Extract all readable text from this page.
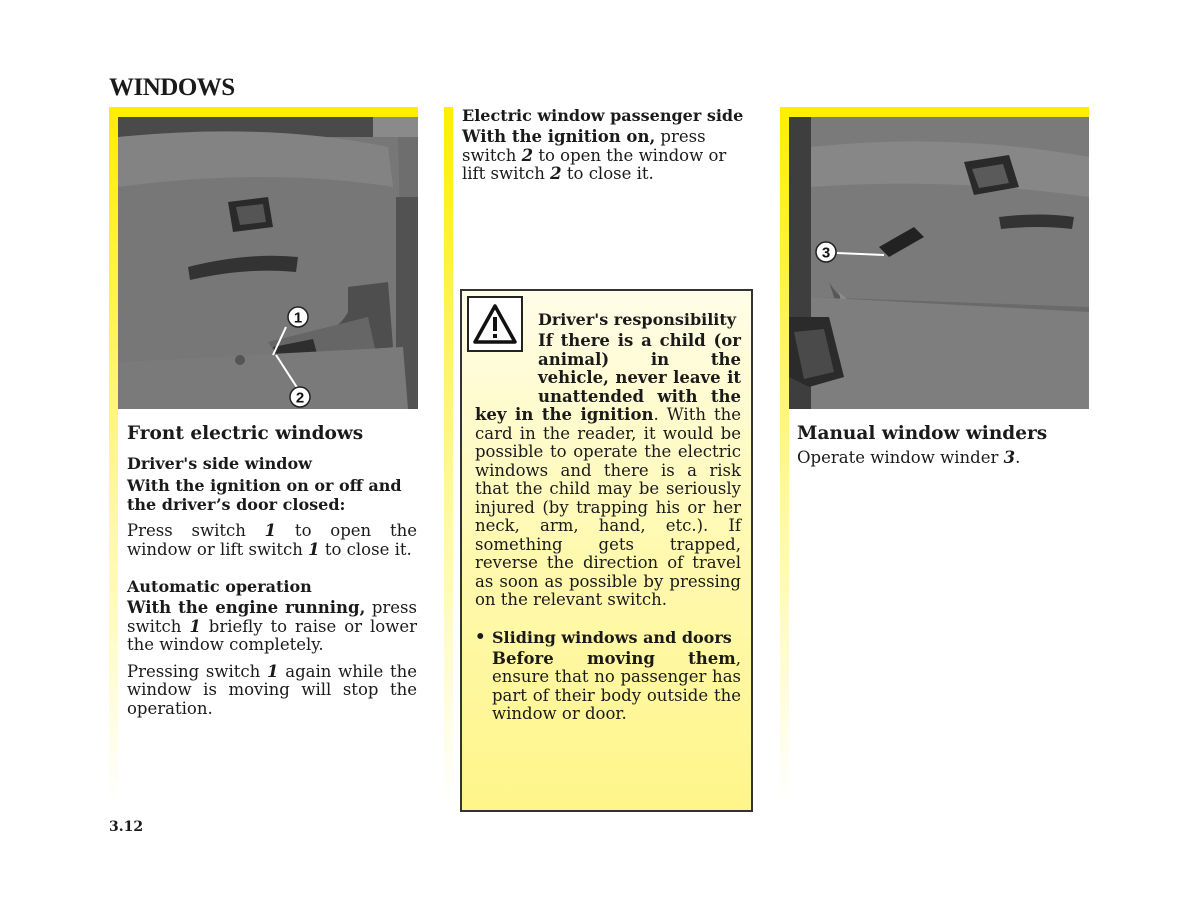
WINDOWS
1
2
Front electric windows
Driver's side window
With the ignition on or off and the driver’s door closed:
Press switch 1 to open the window or lift switch 1 to close it.
Automatic operation
With the engine running, press switch 1 briefly to raise or lower the window completely.
Pressing switch 1 again while the window is moving will stop the operation.
Electric window passenger side
With the ignition on, press switch 2 to open the window or lift switch 2 to close it.
Driver's responsibility
If there is a child (or animal) in the vehicle, never leave it unattended with the key in the ignition. With the card in the reader, it would be possible to operate the electric windows and there is a risk that the child may be seriously injured (by trapping his or her neck, arm, hand, etc.). If something gets trapped, reverse the direction of travel as soon as possible by pressing on the relevant switch.
• Sliding windows and doors
Before moving them, ensure that no passenger has part of their body outside the window or door.
3
Manual window winders
Operate window winder 3.
3.12
